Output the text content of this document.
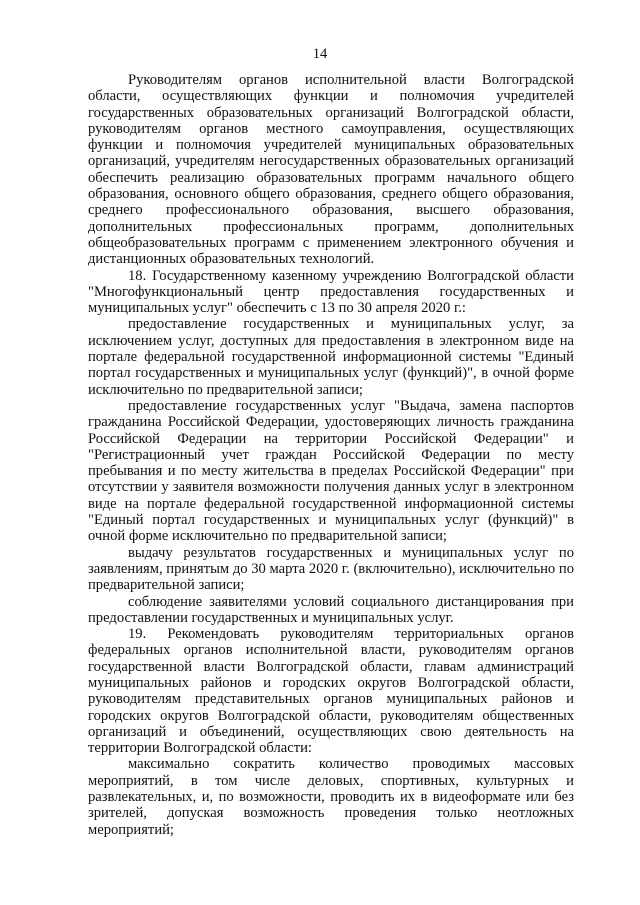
14

Руководителям органов исполнительной власти Волгоградской области, осуществляющих функции и полномочия учредителей государственных образовательных организаций Волгоградской области, руководителям органов местного самоуправления, осуществляющих функции и полномочия учредителей муниципальных образовательных организаций, учредителям негосударственных образовательных организаций обеспечить реализацию образовательных программ начального общего образования, основного общего образования, среднего общего образования, среднего профессионального образования, высшего образования, дополнительных профессиональных программ, дополнительных общеобразовательных программ с применением электронного обучения и дистанционных образовательных технологий.

18. Государственному казенному учреждению Волгоградской области "Многофункциональный центр предоставления государственных и муниципальных услуг" обеспечить с 13 по 30 апреля 2020 г.:

предоставление государственных и муниципальных услуг, за исключением услуг, доступных для предоставления в электронном виде на портале федеральной государственной информационной системы "Единый портал государственных и муниципальных услуг (функций)", в очной форме исключительно по предварительной записи;

предоставление государственных услуг "Выдача, замена паспортов гражданина Российской Федерации, удостоверяющих личность гражданина Российской Федерации на территории Российской Федерации" и "Регистрационный учет граждан Российской Федерации по месту пребывания и по месту жительства в пределах Российской Федерации" при отсутствии у заявителя возможности получения данных услуг в электронном виде на портале федеральной государственной информационной системы "Единый портал государственных и муниципальных услуг (функций)" в очной форме исключительно по предварительной записи;

выдачу результатов государственных и муниципальных услуг по заявлениям, принятым до 30 марта 2020 г. (включительно), исключительно по предварительной записи;

соблюдение заявителями условий социального дистанцирования при предоставлении государственных и муниципальных услуг.

19. Рекомендовать руководителям территориальных органов федеральных органов исполнительной власти, руководителям органов государственной власти Волгоградской области, главам администраций муниципальных районов и городских округов Волгоградской области, руководителям представительных органов муниципальных районов и городских округов Волгоградской области, руководителям общественных организаций и объединений, осуществляющих свою деятельность на территории Волгоградской области:

максимально сократить количество проводимых массовых мероприятий, в том числе деловых, спортивных, культурных и развлекательных, и, по возможности, проводить их в видеоформате или без зрителей, допуская возможность проведения только неотложных мероприятий;
